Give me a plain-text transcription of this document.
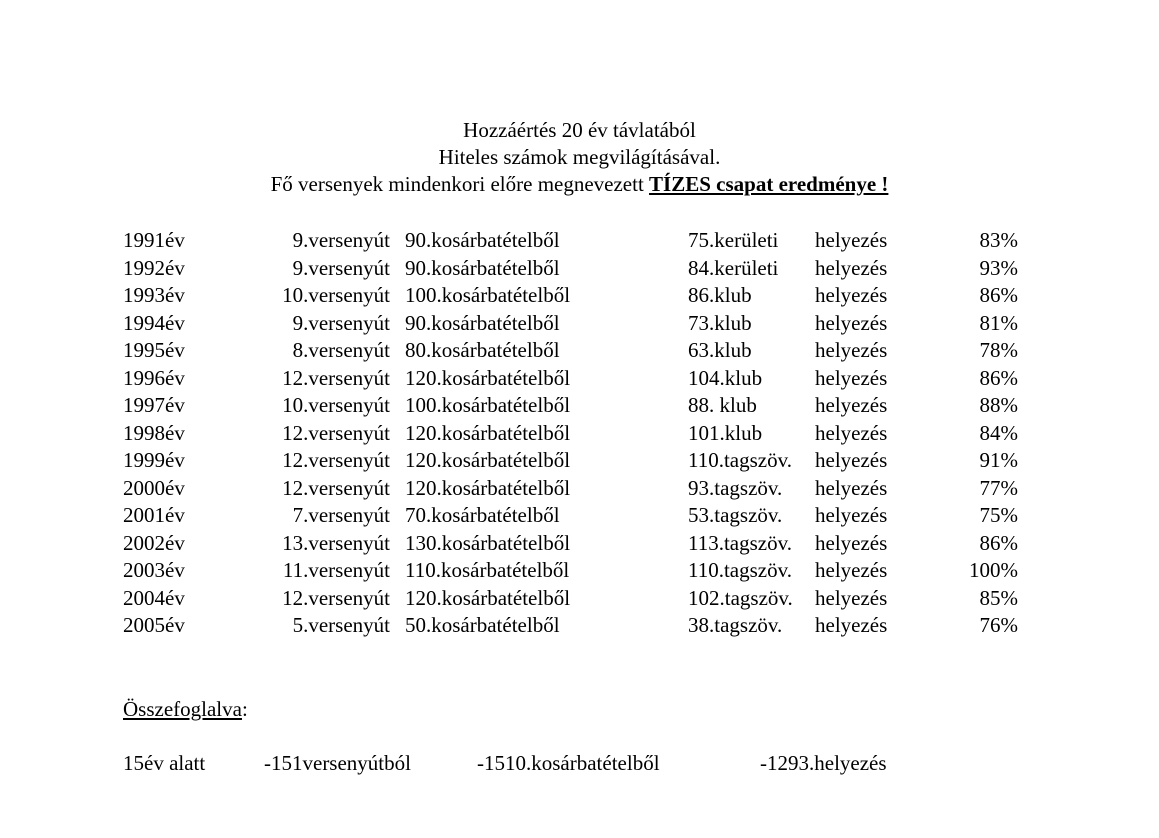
Hozzáértés 20 év távlatából
Hiteles számok megvilágításával.
Fő versenyek mindenkori előre megnevezett TÍZES csapat eredménye !
1991év	9.versenyút 90.kosárbatételből	75.kerületi helyezés	83%
1992év	9.versenyút 90.kosárbatételből	84.kerületi helyezés	93%
1993év	10.versenyút 100.kosárbatételből	86.klub	helyezés	86%
1994év	9.versenyút 90.kosárbatételből	73.klub	helyezés	81%
1995év	8.versenyút 80.kosárbatételből	63.klub	helyezés	78%
1996év	12.versenyút 120.kosárbatételből	104.klub	helyezés	86%
1997év	10.versenyút 100.kosárbatételből	88. klub	helyezés	88%
1998év	12.versenyút 120.kosárbatételből	101.klub	helyezés	84%
1999év	12.versenyút 120.kosárbatételből	110.tagszöv. helyezés	91%
2000év	12.versenyút 120.kosárbatételből	93.tagszöv. helyezés	77%
2001év	7.versenyút 70.kosárbatételből	53.tagszöv. helyezés	75%
2002év	13.versenyút 130.kosárbatételből	113.tagszöv. helyezés	86%
2003év	11.versenyút 110.kosárbatételből	110.tagszöv. helyezés	100%
2004év	12.versenyút 120.kosárbatételből	102.tagszöv. helyezés	85%
2005év	5.versenyút 50.kosárbatételből	38.tagszöv. helyezés	76%
Összefoglalva:
15év alatt	-151versenyútból	-1510.kosárbatételből	-1293.helyezés
